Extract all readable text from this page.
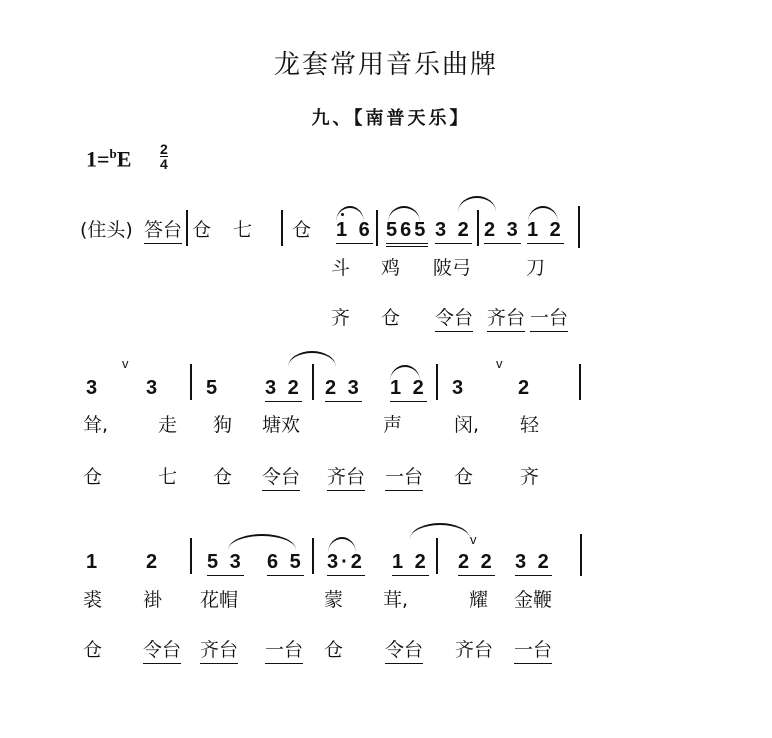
龙套常用音乐曲牌
九、【南普天乐】
$1=^bE \frac{2}{4}$
(住头) 答台 仓 七 仓 1 6 565 3 2 2 3 1 2
斗 鸡 陂弓	刀
齐 仓 令台 齐台 一台
3
v
3 5 3 2 2 3 1 2 3
v
2
耸,	走 狗 塘欢	声	闵, 轻
仓	七 仓 令台 齐台 一台 仓 齐
1 2 5 3 6 5 3·2 1 2
v
2 2 3 2
裘 褂 花帽	蒙 茸,	耀 金鞭
仓 令台 齐台 一台 仓 令台 齐台 一台
